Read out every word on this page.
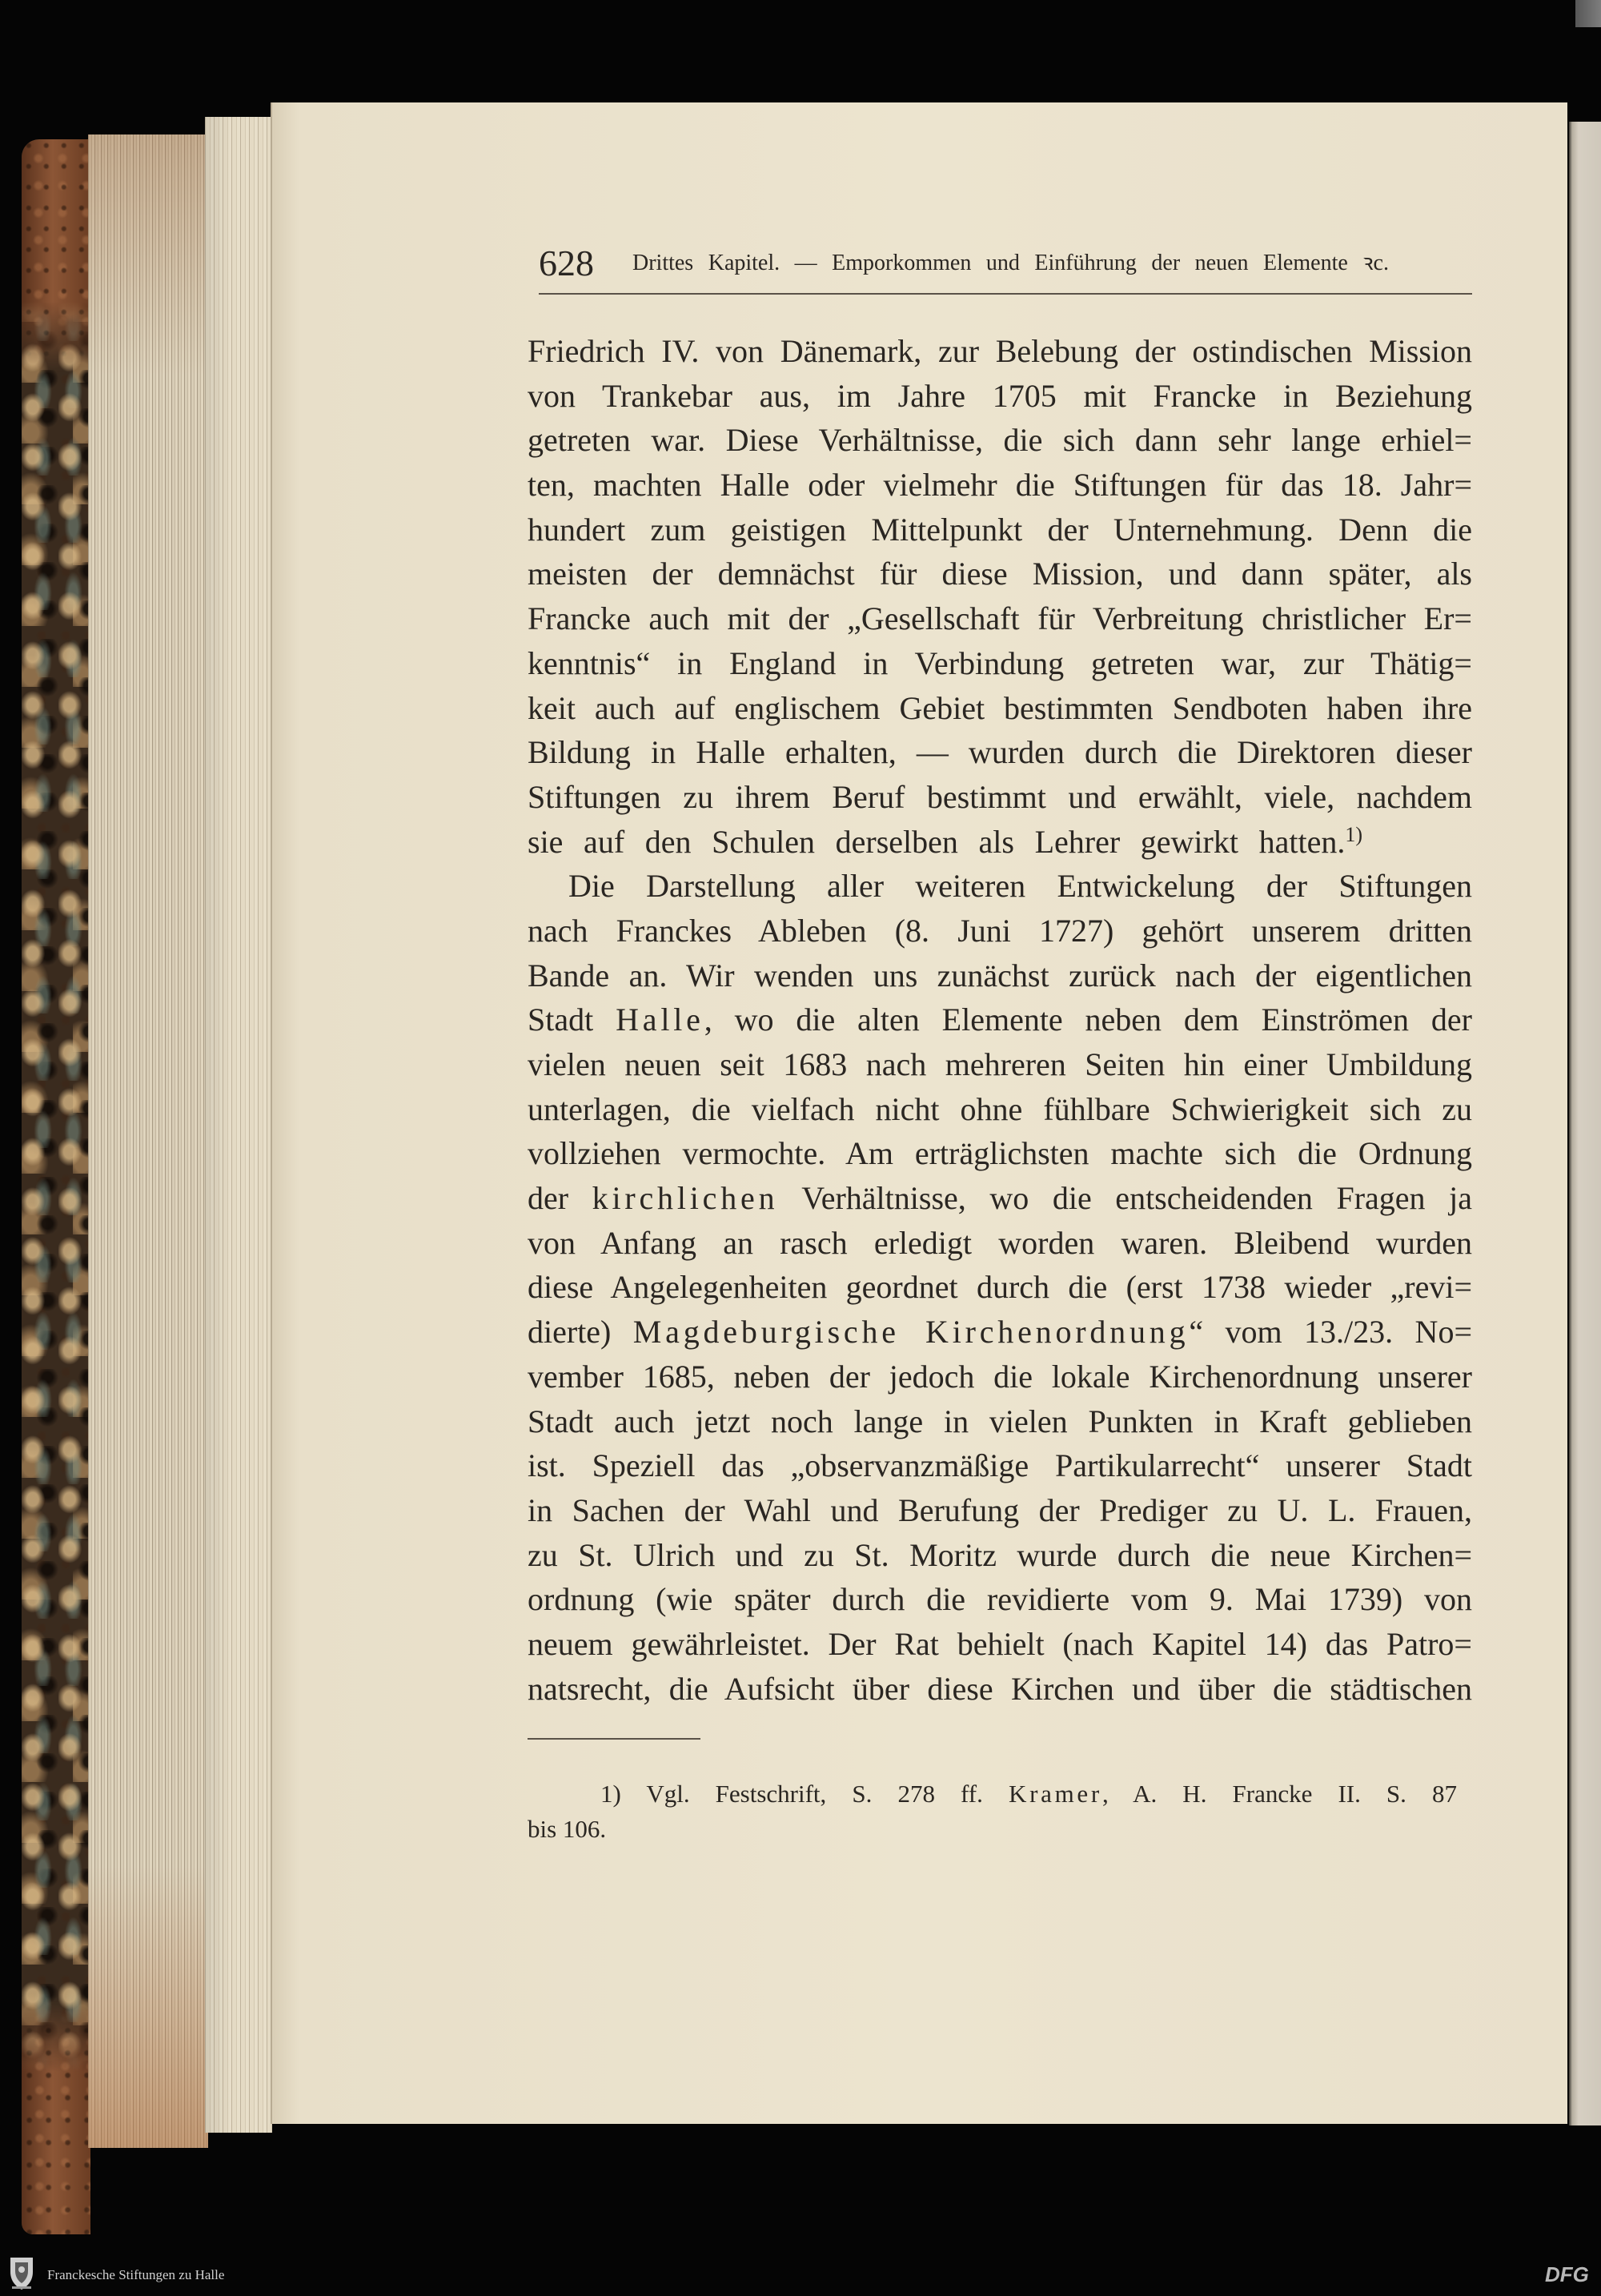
628 Drittes Kapitel. — Emporkommen und Einführung der neuen Elemente ꝛc.
Friedrich IV. von Dänemark, zur Belebung der ostindischen Mission
von Trankebar aus, im Jahre 1705 mit Francke in Beziehung
getreten war. Diese Verhältnisse, die sich dann sehr lange erhiel=
ten, machten Halle oder vielmehr die Stiftungen für das 18. Jahr=
hundert zum geistigen Mittelpunkt der Unternehmung. Denn die
meisten der demnächst für diese Mission, und dann später, als
Francke auch mit der „Gesellschaft für Verbreitung christlicher Er=
kenntnis“ in England in Verbindung getreten war, zur Thätig=
keit auch auf englischem Gebiet bestimmten Sendboten haben ihre
Bildung in Halle erhalten, — wurden durch die Direktoren dieser
Stiftungen zu ihrem Beruf bestimmt und erwählt, viele, nachdem
sie auf den Schulen derselben als Lehrer gewirkt hatten.$^{1)}$
Die Darstellung aller weiteren Entwickelung der Stiftungen
nach Franckes Ableben (8. Juni 1727) gehört unserem dritten
Bande an. Wir wenden uns zunächst zurück nach der eigentlichen
Stadt Halle, wo die alten Elemente neben dem Einströmen der
vielen neuen seit 1683 nach mehreren Seiten hin einer Umbildung
unterlagen, die vielfach nicht ohne fühlbare Schwierigkeit sich zu
vollziehen vermochte. Am erträglichsten machte sich die Ordnung
der kirchlichen Verhältnisse, wo die entscheidenden Fragen ja
von Anfang an rasch erledigt worden waren. Bleibend wurden
diese Angelegenheiten geordnet durch die (erst 1738 wieder „revi=
dierte) Magdeburgische Kirchenordnung“ vom 13./23. No=
vember 1685, neben der jedoch die lokale Kirchenordnung unserer
Stadt auch jetzt noch lange in vielen Punkten in Kraft geblieben
ist. Speziell das „observanzmäßige Partikularrecht“ unserer Stadt
in Sachen der Wahl und Berufung der Prediger zu U. L. Frauen,
zu St. Ulrich und zu St. Moritz wurde durch die neue Kirchen=
ordnung (wie später durch die revidierte vom 9. Mai 1739) von
neuem gewährleistet. Der Rat behielt (nach Kapitel 14) das Patro=
natsrecht, die Aufsicht über diese Kirchen und über die städtischen
1) Vgl. Festschrift, S. 278 ff. Kramer, A. H. Francke II. S. 87
bis 106.
Franckesche Stiftungen zu Halle	DFG
